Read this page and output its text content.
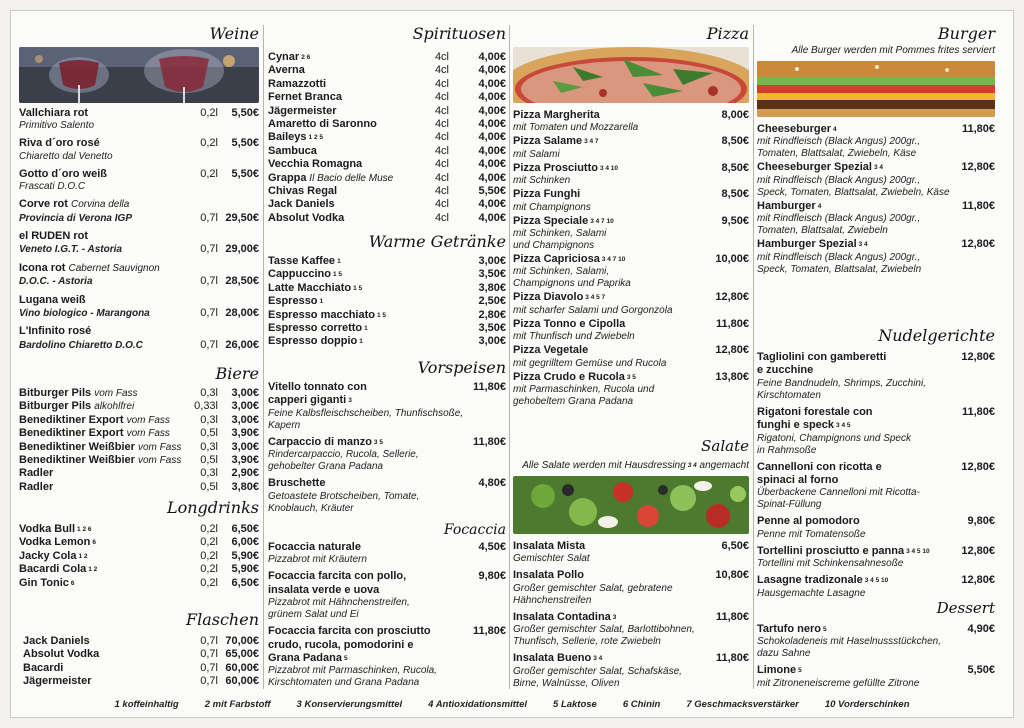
Weine
Vallchiara rot	0,2l	5,50€
Primitivo Salento
Riva d´oro rosé	0,2l	5,50€
Chiaretto dal Venetto
Gotto d´oro weiß	0,2l	5,50€
Frascati D.O.C
Corve rot Corvina della
Provincia di Verona IGP	0,7l 29,50€
el RUDEN rot
Veneto I.G.T. - Astoria	0,7l 29,00€
Icona rot Cabernet Sauvignon
D.O.C. - Astoria	0,7l 28,50€
Lugana weiß
Vino biologico - Marangona	0,7l 28,00€
L'Infinito rosé
Bardolino Chiaretto D.O.C	0,7l 26,00€
Biere
Bitburger Pils vom Fass	0,3l	3,00€
Bitburger Pils alkohlfrei	0,33l	3,00€
Benediktiner Export vom Fass	0,3l	3,00€
Benediktiner Export vom Fass	0,5l	3,90€
Benediktiner Weißbier vom Fass	0,3l	3,00€
Benediktiner Weißbier vom Fass	0,5l	3,90€
Radler	0,3l	2,90€
Radler	0,5l	3,80€
Longdrinks
Vodka Bull $^{1 2 6}$	0,2l	6,50€
Vodka Lemon $^6$	0,2l	6,00€
Jacky Cola $^{1 2}$	0,2l	5,90€
Bacardi Cola $^{1 2}$	0,2l	5,90€
Gin Tonic $^6$	0,2l	6,50€
Flaschen
Jack Daniels	0,7l 70,00€
Absolut Vodka	0,7l 65,00€
Bacardi	0,7l 60,00€
Jägermeister	0,7l 60,00€
Spirituosen
Cynar $^{2 6}$	4cl	4,00€
Averna	4cl	4,00€
Ramazzotti	4cl	4,00€
Fernet Branca	4cl	4,00€
Jägermeister	4cl	4,00€
Amaretto di Saronno	4cl	4,00€
Baileys $^{1 2 5}$	4cl	4,00€
Sambuca	4cl	4,00€
Vecchia Romagna	4cl	4,00€
Grappa Il Bacio delle Muse	4cl	4,00€
Chivas Regal	4cl	5,50€
Jack Daniels	4cl	4,00€
Absolut Vodka	4cl	4,00€
Warme Getränke
Tasse Kaffee $^1$	3,00€
Cappuccino $^{1 5}$	3,50€
Latte Macchiato $^{1 5}$	3,80€
Espresso $^1$	2,50€
Espresso macchiato $^{1 5}$	2,80€
Espresso corretto $^1$	3,50€
Espresso doppio $^1$	3,00€
Vorspeisen
Vitello tonnato con	11,80€
capperi giganti $^3$
Feine Kalbsfleischscheiben, Thunfischsoße,
Kapern
Carpaccio di manzo $^{3 5}$	11,80€
Rindercarpaccio, Rucola, Sellerie,
gehobelter Grana Padana
Bruschette	4,80€
Getoastete Brotscheiben, Tomate,
Knoblauch, Kräuter
Focaccia
Focaccia naturale	4,50€
Pizzabrot mit Kräutern
Focaccia farcita con pollo,	9,80€
insalata verde e uova
Pizzabrot mit Hähnchenstreifen,
grünem Salat und Ei
Focaccia farcita con prosciutto	11,80€
crudo, rucola, pomodorini e
Grana Padana $^5$
Pizzabrot mit Parmaschinken, Rucola,
Kirschtomaten und Grana Padana
Pizza
Pizza Margherita	8,00€
mit Tomaten und Mozzarella
Pizza Salame $^{3 4 7}$	8,50€
mit Salami
Pizza Prosciutto $^{3 4 10}$	8,50€
mit Schinken
Pizza Funghi	8,50€
mit Champignons
Pizza Speciale $^{3 4 7 10}$	9,50€
mit Schinken, Salami
und Champignons
Pizza Capriciosa $^{3 4 7 10}$	10,00€
mit Schinken, Salami,
Champignons und Paprika
Pizza Diavolo $^{3 4 5 7}$	12,80€
mit scharfer Salami und Gorgonzola
Pizza Tonno e Cipolla	11,80€
mit Thunfisch und Zwiebeln
Pizza Vegetale	12,80€
mit gegrilltem Gemüse und Rucola
Pizza Crudo e Rucola $^{3 5}$	13,80€
mit Parmaschinken, Rucola und
gehobeltem Grana Padana
Salate
Alle Salate werden mit Hausdressing $^{3 4}$ angemacht
Insalata Mista	6,50€
Gemischter Salat
Insalata Pollo	10,80€
Großer gemischter Salat, gebratene
Hähnchenstreifen
Insalata Contadina $^3$	11,80€
Großer gemischter Salat, Barlottibohnen,
Thunfisch, Sellerie, rote Zwiebeln
Insalata Bueno $^{3 4}$	11,80€
Großer gemischter Salat, Schafskäse,
Birne, Walnüsse, Oliven
Burger
Alle Burger werden mit Pommes frites serviert
Cheeseburger $^4$	11,80€
mit Rindfleisch (Black Angus) 200gr.,
Tomaten, Blattsalat, Zwiebeln, Käse
Cheeseburger Spezial $^{3 4}$	12,80€
mit Rindfleisch (Black Angus) 200gr.,
Speck, Tomaten, Blattsalat, Zwiebeln, Käse
Hamburger $^4$	11,80€
mit Rindfleisch (Black Angus) 200gr.,
Tomaten, Blattsalat, Zwiebeln
Hamburger Spezial $^{3 4}$	12,80€
mit Rindfleisch (Black Angus) 200gr.,
Speck, Tomaten, Blattsalat, Zwiebeln
Nudelgerichte
Tagliolini con gamberetti	12,80€
e zucchine
Feine Bandnudeln, Shrimps, Zucchini,
Kirschtomaten
Rigatoni forestale con	11,80€
funghi e speck $^{3 4 5}$
Rigatoni, Champignons und Speck
in Rahmsoße
Cannelloni con ricotta e	12,80€
spinaci al forno
Überbackene Cannelloni mit Ricotta-
Spinat-Füllung
Penne al pomodoro	9,80€
Penne mit Tomatensoße
Tortellini prosciutto e panna $^{3 4 5 10}$	12,80€
Tortellini mit Schinkensahnesoße
Lasagne tradizonale $^{3 4 5 10}$	12,80€
Hausgemachte Lasagne
Dessert
Tartufo nero $^5$	4,90€
Schokoladeneis mit Haselnussstückchen,
dazu Sahne
Limone $^5$	5,50€
mit Zitroneneiscreme gefüllte Zitrone
1 koffeinhaltig	2 mit Farbstoff	3 Konservierungsmittel	4 Antioxidationsmittel	5 Laktose	6 Chinin	7 Geschmacksverstärker	10 Vorderschinken
